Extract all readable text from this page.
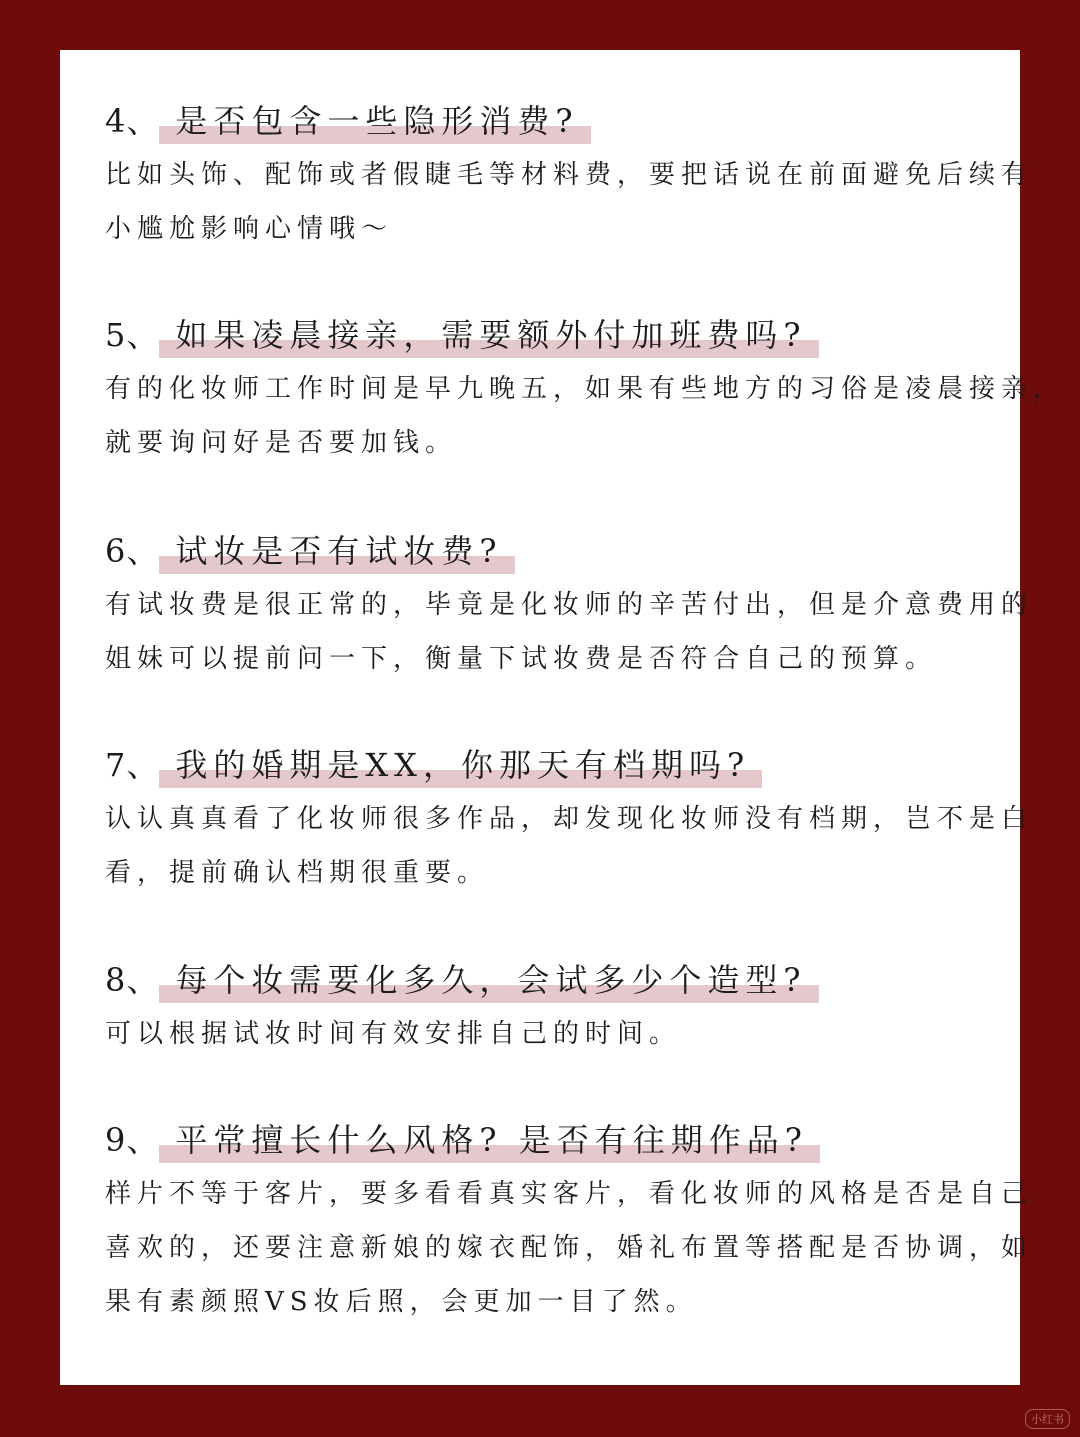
4、 是否包含一些隐形消费?
比如头饰、配饰或者假睫毛等材料费，要把话说在前面避免后续有
小尴尬影响心情哦～
5、 如果凌晨接亲，需要额外付加班费吗?
有的化妆师工作时间是早九晚五，如果有些地方的习俗是凌晨接亲，
就要询问好是否要加钱。
6、 试妆是否有试妆费?
有试妆费是很正常的，毕竟是化妆师的辛苦付出，但是介意费用的
姐妹可以提前问一下，衡量下试妆费是否符合自己的预算。
7、 我的婚期是XX，你那天有档期吗?
认认真真看了化妆师很多作品，却发现化妆师没有档期，岂不是白
看，提前确认档期很重要。
8、 每个妆需要化多久，会试多少个造型?
可以根据试妆时间有效安排自己的时间。
9、 平常擅长什么风格? 是否有往期作品?
样片不等于客片，要多看看真实客片，看化妆师的风格是否是自己
喜欢的，还要注意新娘的嫁衣配饰，婚礼布置等搭配是否协调，如
果有素颜照VS妆后照，会更加一目了然。
小红书
